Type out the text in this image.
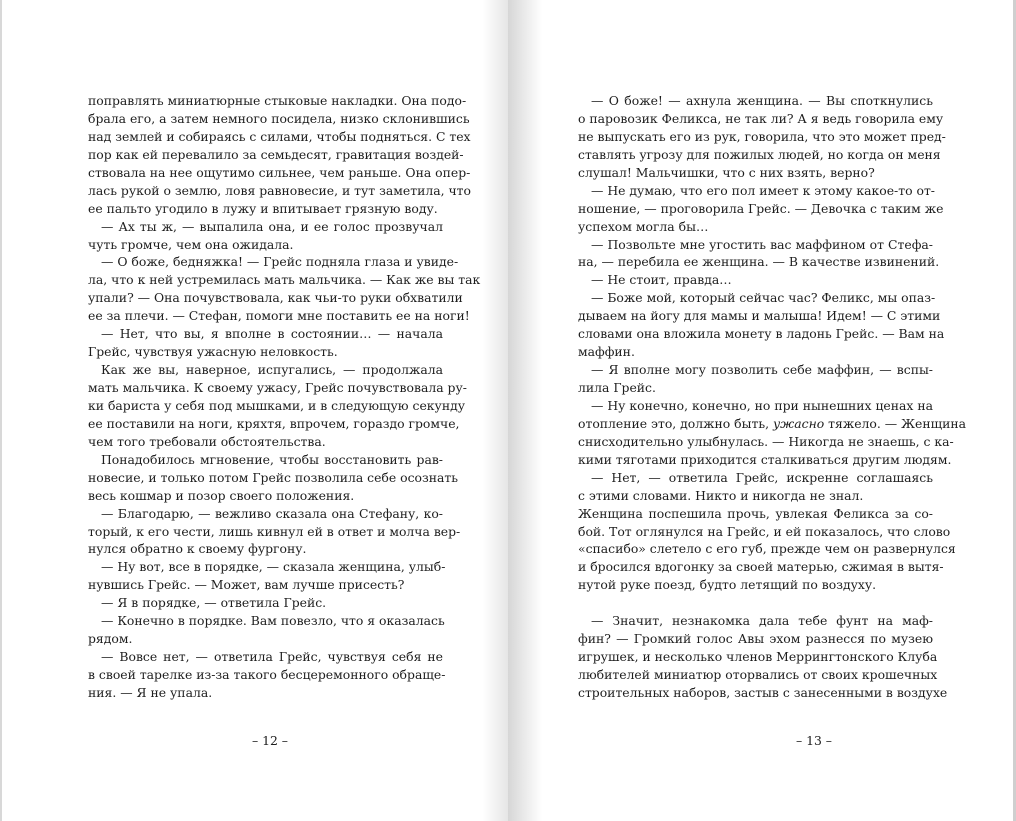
поправлять миниатюрные стыковые накладки. Она подо-
брала его, а затем немного посидела, низко склонившись
над землей и собираясь с силами, чтобы подняться. С тех
пор как ей перевалило за семьдесят, гравитация воздей-
ствовала на нее ощутимо сильнее, чем раньше. Она опер-
лась рукой о землю, ловя равновесие, и тут заметила, что
ее пальто угодило в лужу и впитывает грязную воду.
— Ах ты ж, — выпалила она, и ее голос прозвучал
чуть громче, чем она ожидала.
— О боже, бедняжка! — Грейс подняла глаза и увиде-
ла, что к ней устремилась мать мальчика. — Как же вы так
упали? — Она почувствовала, как чьи-то руки обхватили
ее за плечи. — Стефан, помоги мне поставить ее на ноги!
— Нет, что вы, я вполне в состоянии… — начала
Грейс, чувствуя ужасную неловкость.
Как же вы, наверное, испугались, — продолжала
мать мальчика. К своему ужасу, Грейс почувствовала ру-
ки бариста у себя под мышками, и в следующую секунду
ее поставили на ноги, кряхтя, впрочем, гораздо громче,
чем того требовали обстоятельства.
Понадобилось мгновение, чтобы восстановить рав-
новесие, и только потом Грейс позволила себе осознать
весь кошмар и позор своего положения.
— Благодарю, — вежливо сказала она Стефану, ко-
торый, к его чести, лишь кивнул ей в ответ и молча вер-
нулся обратно к своему фургону.
— Ну вот, все в порядке, — сказала женщина, улыб-
нувшись Грейс. — Может, вам лучше присесть?
— Я в порядке, — ответила Грейс.
— Конечно в порядке. Вам повезло, что я оказалась
рядом.
— Вовсе нет, — ответила Грейс, чувствуя себя не
в своей тарелке из-за такого бесцеремонного обраще-
ния. — Я не упала.
– 12 –
— О боже! — ахнула женщина. — Вы споткнулись
о паровозик Феликса, не так ли? А я ведь говорила ему
не выпускать его из рук, говорила, что это может пред-
ставлять угрозу для пожилых людей, но когда он меня
слушал! Мальчишки, что с них взять, верно?
— Не думаю, что его пол имеет к этому какое-то от-
ношение, — проговорила Грейс. — Девочка с таким же
успехом могла бы…
— Позвольте мне угостить вас маффином от Стефа-
на, — перебила ее женщина. — В качестве извинений.
— Не стоит, правда…
— Боже мой, который сейчас час? Феликс, мы опаз-
дываем на йогу для мамы и малыша! Идем! — С этими
словами она вложила монету в ладонь Грейс. — Вам на
маффин.
— Я вполне могу позволить себе маффин, — вспы-
лила Грейс.
— Ну конечно, конечно, но при нынешних ценах на
отопление это, должно быть, ужасно тяжело. — Женщина
снисходительно улыбнулась. — Никогда не знаешь, с ка-
кими тяготами приходится сталкиваться другим людям.
— Нет, — ответила Грейс, искренне соглашаясь
с этими словами. Никто и никогда не знал.
Женщина поспешила прочь, увлекая Феликса за со-
бой. Тот оглянулся на Грейс, и ей показалось, что слово
«спасибо» слетело с его губ, прежде чем он развернулся
и бросился вдогонку за своей матерью, сжимая в вытя-
нутой руке поезд, будто летящий по воздуху.
— Значит, незнакомка дала тебе фунт на маф-
фин? — Громкий голос Авы эхом разнесся по музею
игрушек, и несколько членов Меррингтонского Клуба
любителей миниатюр оторвались от своих крошечных
строительных наборов, застыв с занесенными в воздухе
– 13 –
